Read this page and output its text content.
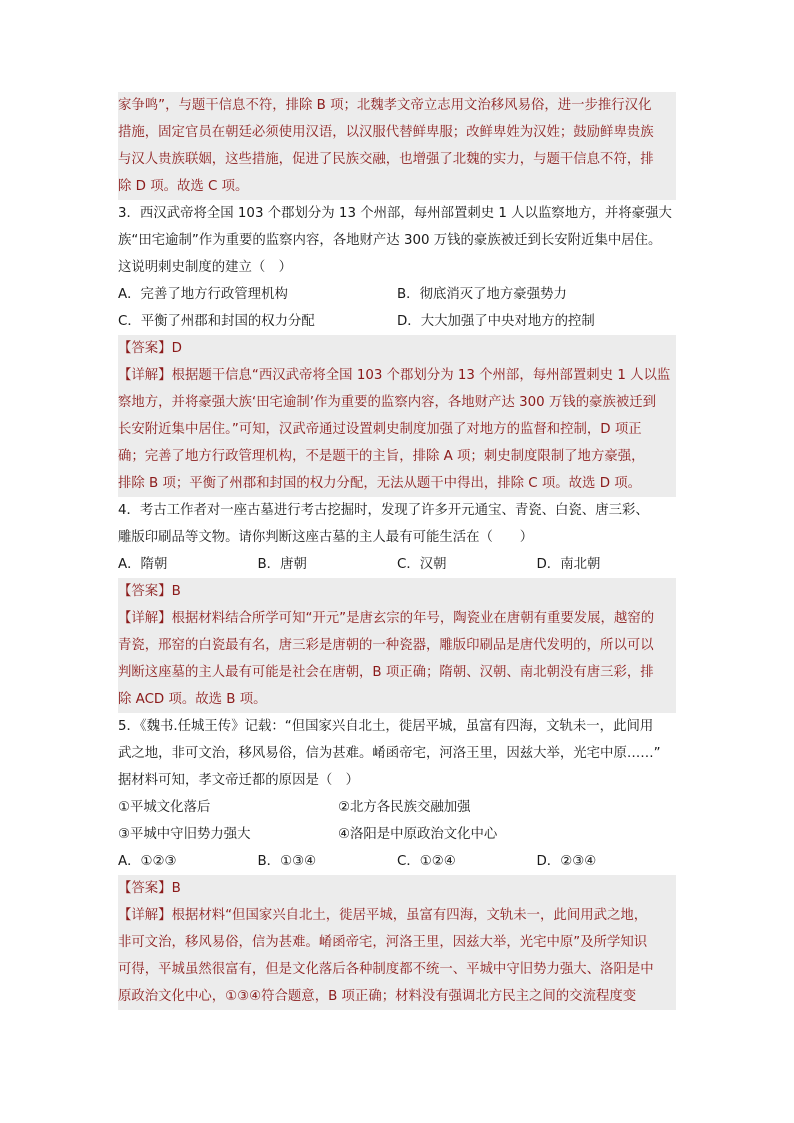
家争鸣”，与题干信息不符，排除 B 项；北魏孝文帝立志用文治移风易俗，进一步推行汉化
措施，固定官员在朝廷必须使用汉语，以汉服代替鲜卑服；改鲜卑姓为汉姓；鼓励鲜卑贵族
与汉人贵族联姻，这些措施，促进了民族交融，也增强了北魏的实力，与题干信息不符，排
除 D 项。故选 C 项。
3．西汉武帝将全国 103 个郡划分为 13 个州部，每州部置刺史 1 人以监察地方，并将豪强大
族“田宅逾制”作为重要的监察内容，各地财产达 300 万钱的豪族被迁到长安附近集中居住。
这说明刺史制度的建立（　）
A．完善了地方行政管理机构	B．彻底消灭了地方豪强势力
C．平衡了州郡和封国的权力分配	D．大大加强了中央对地方的控制
【答案】D
【详解】根据题干信息“西汉武帝将全国 103 个郡划分为 13 个州部，每州部置刺史 1 人以监
察地方，并将豪强大族‘田宅逾制’作为重要的监察内容，各地财产达 300 万钱的豪族被迁到
长安附近集中居住。”可知，汉武帝通过设置刺史制度加强了对地方的监督和控制，D 项正
确；完善了地方行政管理机构，不是题干的主旨，排除 A 项；刺史制度限制了地方豪强，
排除 B 项；平衡了州郡和封国的权力分配，无法从题干中得出，排除 C 项。故选 D 项。
4．考古工作者对一座古墓进行考古挖掘时，发现了许多开元通宝、青瓷、白瓷、唐三彩、
雕版印刷品等文物。请你判断这座古墓的主人最有可能生活在（　　）
A．隋朝	B．唐朝	C．汉朝	D．南北朝
【答案】B
【详解】根据材料结合所学可知“开元”是唐玄宗的年号，陶瓷业在唐朝有重要发展，越窑的
青瓷，邢窑的白瓷最有名，唐三彩是唐朝的一种瓷器，雕版印刷品是唐代发明的，所以可以
判断这座墓的主人最有可能是社会在唐朝，B 项正确；隋朝、汉朝、南北朝没有唐三彩，排
除 ACD 项。故选 B 项。
5．《魏书.任城王传》记载：“但国家兴自北土，徙居平城，虽富有四海，文轨未一，此间用
武之地，非可文治，移风易俗，信为甚难。崤函帝宅，河洛王里，因兹大举，光宅中原……”
据材料可知，孝文帝迁都的原因是（　）
①平城文化落后	②北方各民族交融加强
③平城中守旧势力强大	④洛阳是中原政治文化中心
A．①②③	B．①③④	C．①②④	D．②③④
【答案】B
【详解】根据材料“但国家兴自北土，徙居平城，虽富有四海，文轨未一，此间用武之地，
非可文治，移风易俗，信为甚难。崤函帝宅，河洛王里，因兹大举，光宅中原”及所学知识
可得，平城虽然很富有，但是文化落后各种制度都不统一、平城中守旧势力强大、洛阳是中
原政治文化中心，①③④符合题意，B 项正确；材料没有强调北方民主之间的交流程度变
